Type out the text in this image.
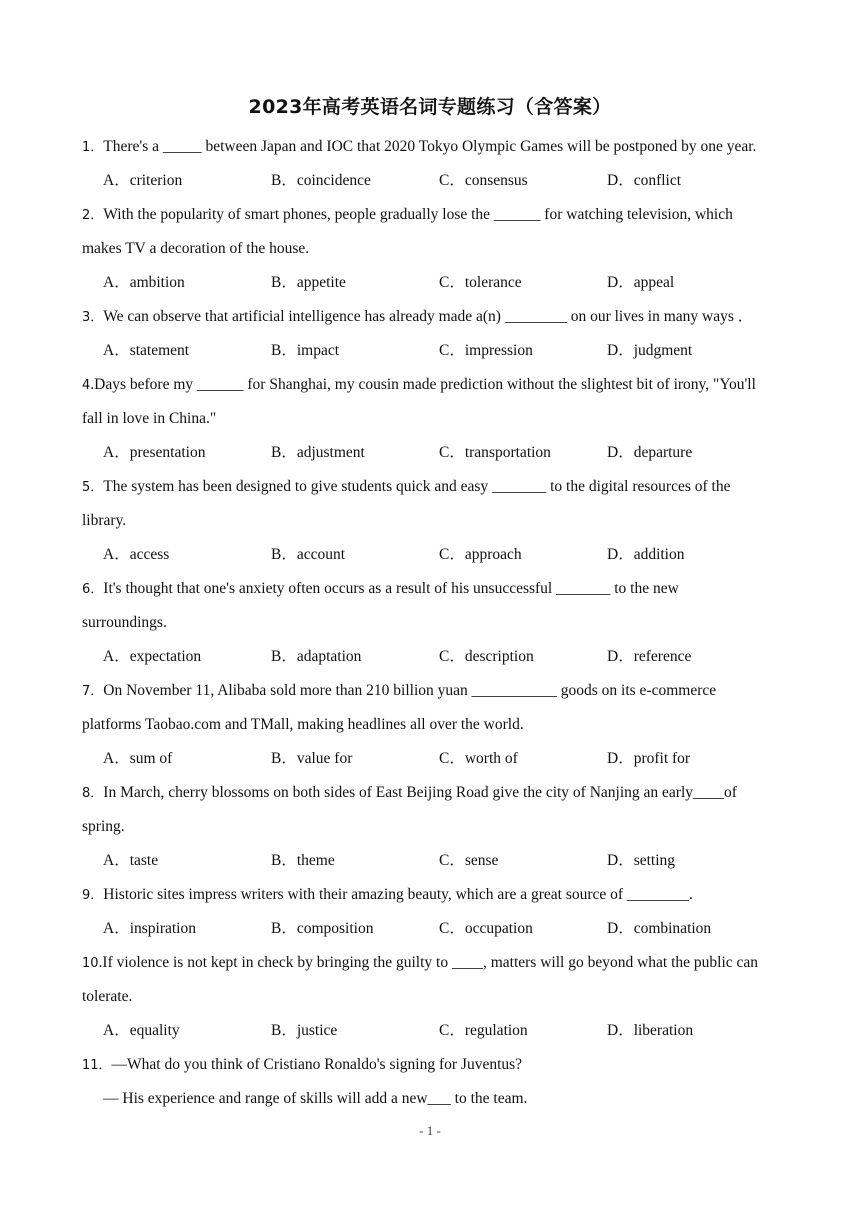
2023年高考英语名词专题练习（含答案）
1．There's a _____ between Japan and IOC that 2020 Tokyo Olympic Games will be postponed by one year.
A．criterion	B．coincidence	C．consensus	D．conflict
2．With the popularity of smart phones, people gradually lose the ______ for watching television, which
makes TV a decoration of the house.
A．ambition	B．appetite	C．tolerance	D．appeal
3．We can observe that artificial intelligence has already made a(n) ________ on our lives in many ways ．
A．statement	B．impact	C．impression	D．judgment
4.Days before my ______ for Shanghai, my cousin made prediction without the slightest bit of irony, "You'll
fall in love in China."
A．presentation	B．adjustment	C．transportation	D．departure
5．The system has been designed to give students quick and easy _______ to the digital resources of the
library.
A．access	B．account	C．approach	D．addition
6．It's thought that one's anxiety often occurs as a result of his unsuccessful _______ to the new
surroundings.
A．expectation	B．adaptation	C．description	D．reference
7．On November 11, Alibaba sold more than 210 billion yuan ___________ goods on its e-commerce
platforms Taobao.com and TMall, making headlines all over the world.
A．sum of	B．value for	C．worth of	D．profit for
8．In March, cherry blossoms on both sides of East Beijing Road give the city of Nanjing an early____of
spring.
A．taste	B．theme	C．sense	D．setting
9．Historic sites impress writers with their amazing beauty, which are a great source of ________.
A．inspiration	B．composition	C．occupation	D．combination
10.If violence is not kept in check by bringing the guilty to ____, matters will go beyond what the public can
tolerate.
A．equality	B．justice	C．regulation	D．liberation
11．—What do you think of Cristiano Ronaldo's signing for Juventus?
— His experience and range of skills will add a new___ to the team.
- 1 -
